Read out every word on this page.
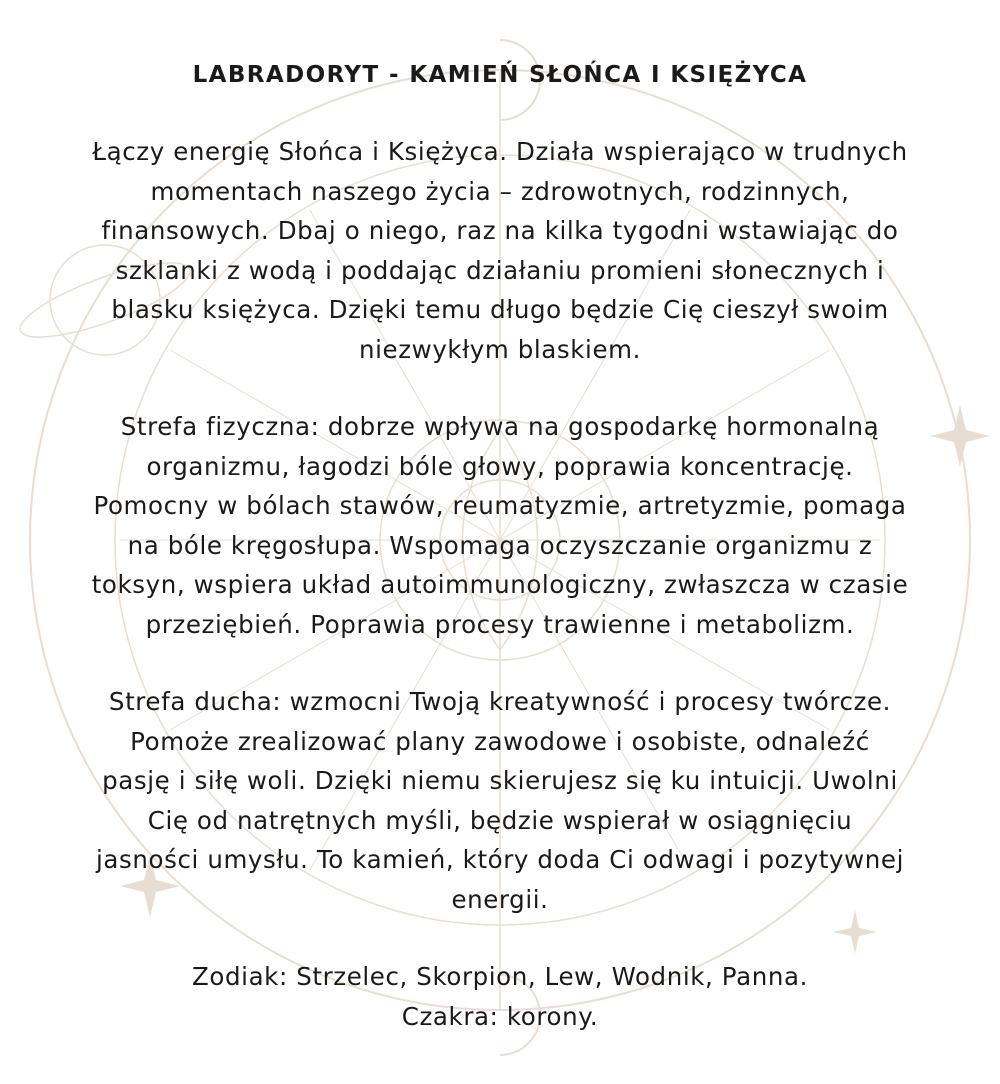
LABRADORYT - KAMIEŃ SŁOŃCA I KSIĘŻYCA

Łączy energię Słońca i Księżyca. Działa wspierająco w trudnych
momentach naszego życia – zdrowotnych, rodzinnych,
finansowych. Dbaj o niego, raz na kilka tygodni wstawiając do
szklanki z wodą i poddając działaniu promieni słonecznych i
blasku księżyca. Dzięki temu długo będzie Cię cieszył swoim
niezwykłym blaskiem.

Strefa fizyczna: dobrze wpływa na gospodarkę hormonalną
organizmu, łagodzi bóle głowy, poprawia koncentrację.
Pomocny w bólach stawów, reumatyzmie, artretyzmie, pomaga
na bóle kręgosłupa. Wspomaga oczyszczanie organizmu z
toksyn, wspiera układ autoimmunologiczny, zwłaszcza w czasie
przeziębień. Poprawia procesy trawienne i metabolizm.

Strefa ducha: wzmocni Twoją kreatywność i procesy twórcze.
Pomoże zrealizować plany zawodowe i osobiste, odnaleźć
pasję i siłę woli. Dzięki niemu skierujesz się ku intuicji. Uwolni
Cię od natrętnych myśli, będzie wspierał w osiągnięciu
jasności umysłu. To kamień, który doda Ci odwagi i pozytywnej
energii.

Zodiak: Strzelec, Skorpion, Lew, Wodnik, Panna.

Czakra: korony.
